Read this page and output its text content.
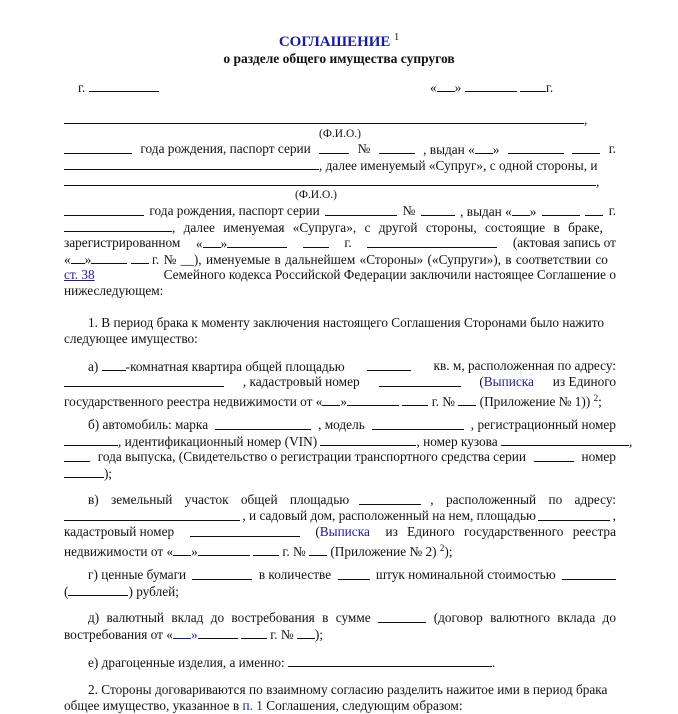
СОГЛАШЕНИЕ $^1$
о разделе общего имущества супругов
г.	« »	г.
,
(Ф.И.О.)
года рождения, паспорт серии	№	, выдан « »	г.
, далее именуемый «Супруг», с одной стороны, и
,
(Ф.И.О.)
года рождения, паспорт серии	№	, выдан « »	г.
, далее именуемая «Супруга», с другой стороны, состоящие в браке,
зарегистрированном « »	г.	(актовая запись от
« »	г. № __), именуемые в дальнейшем «Стороны» («Супруги»), в соответствии со
ст. 38	Семейного кодекса Российской Федерации заключили настоящее Соглашение о
нижеследующем:
1. В период брака к моменту заключения настоящего Соглашения Сторонами было нажито
следующее имущество:
а) -комнатная квартира общей площадью	кв. м, расположенная по адресу:
, кадастровый номер	(Выписка из Единого
государственного реестра недвижимости от « »	г. № (Приложение № 1)) $^2$;
б) автомобиль: марка	, модель	, регистрационный номер
, идентификационный номер (VIN)	, номер кузова	,
года выпуска, (Свидетельство о регистрации транспортного средства серии	номер
);
в) земельный участок общей площадью	, расположенный по адресу:
, и садовый дом, расположенный на нем, площадью	,
кадастровый номер	(Выписка из Единого государственного реестра
недвижимости от « »	г. № (Приложение № 2) $^2$);
г) ценные бумаги	в количестве	штук номинальной стоимостью
(	) рублей;
д) валютный вклад до востребования в сумме	(договор валютного вклада до
востребования от « »	г. № );
е) драгоценные изделия, а именно:	.
2. Стороны договариваются по взаимному согласию разделить нажитое ими в период брака
общее имущество, указанное в п. 1 Соглашения, следующим образом:
